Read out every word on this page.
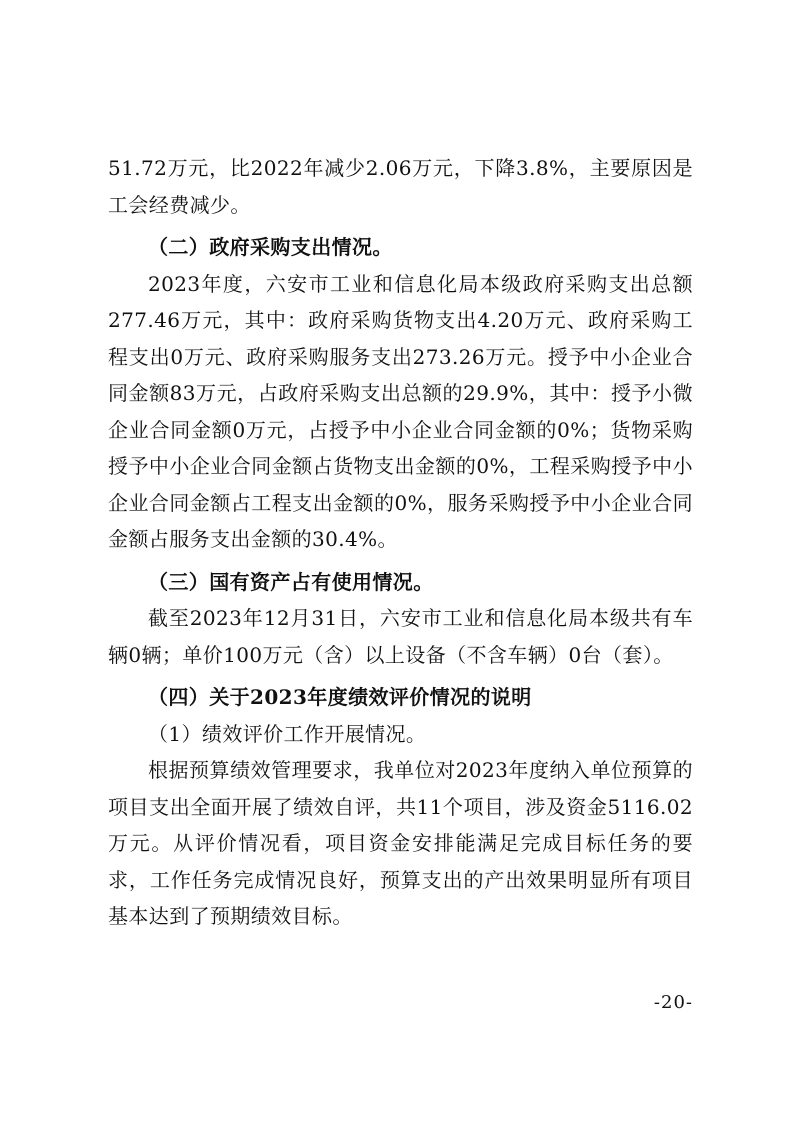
51.72万元，比2022年减少2.06万元，下降3.8%，主要原因是工会经费减少。

（二）政府采购支出情况。

2023年度，六安市工业和信息化局本级政府采购支出总额277.46万元，其中：政府采购货物支出4.20万元、政府采购工程支出0万元、政府采购服务支出273.26万元。授予中小企业合同金额83万元，占政府采购支出总额的29.9%，其中：授予小微企业合同金额0万元，占授予中小企业合同金额的0%；货物采购授予中小企业合同金额占货物支出金额的0%，工程采购授予中小企业合同金额占工程支出金额的0%，服务采购授予中小企业合同金额占服务支出金额的30.4%。

（三）国有资产占有使用情况。

截至2023年12月31日，六安市工业和信息化局本级共有车辆0辆；单价100万元（含）以上设备（不含车辆）0台（套）。

（四）关于2023年度绩效评价情况的说明

（1）绩效评价工作开展情况。

根据预算绩效管理要求，我单位对2023年度纳入单位预算的项目支出全面开展了绩效自评，共11个项目，涉及资金5116.02万元。从评价情况看，项目资金安排能满足完成目标任务的要求，工作任务完成情况良好，预算支出的产出效果明显所有项目基本达到了预期绩效目标。

-20-
